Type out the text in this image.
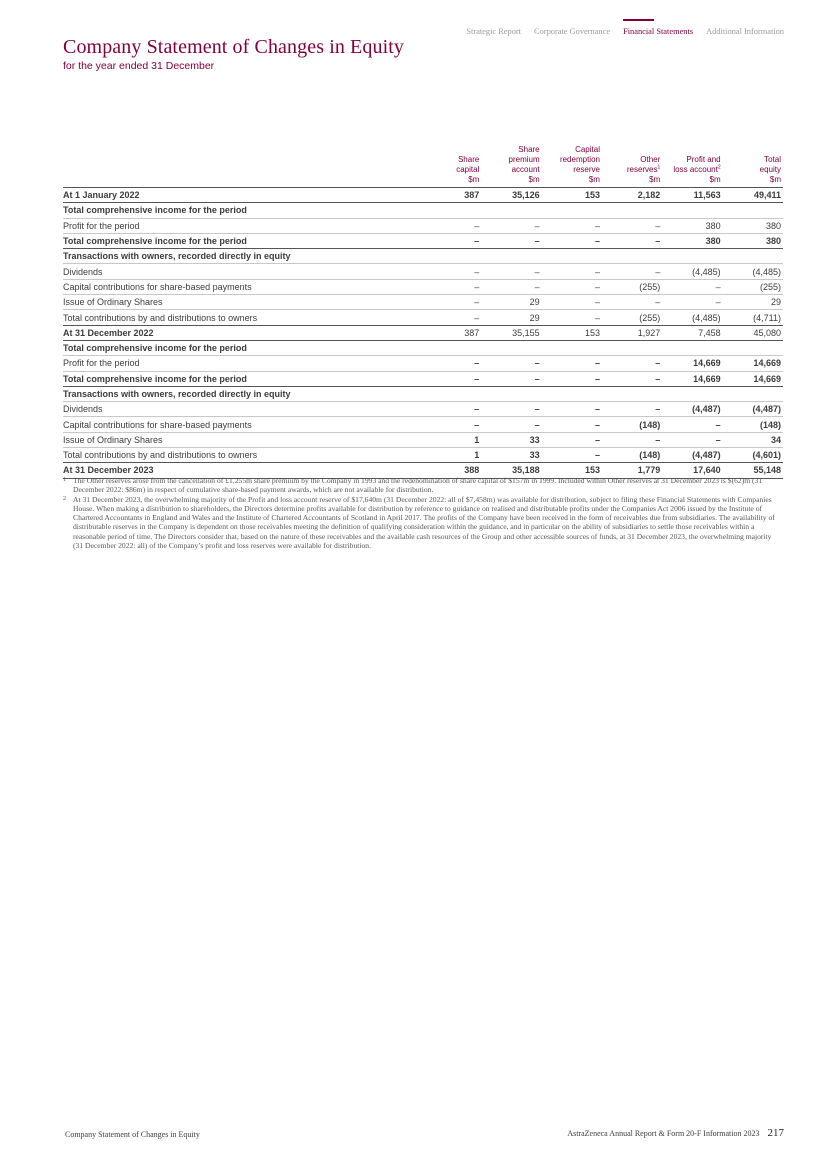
Strategic Report Corporate Governance Financial Statements Additional Information
Company Statement of Changes in Equity

for the year ended 31 December

Share
capital
$m	Share
premium
account
$m	Capital
redemption
reserve
$m	Other
reserves$^1$
$m	Profit and
loss account$^2$
$m	Total
equity
$m
At 1 January 2022	387	35,126	153	2,182	11,563	49,411
Total comprehensive income for the period						
Profit for the period	–	–	–	–	380	380
Total comprehensive income for the period	–	–	–	–	380	380
Transactions with owners, recorded directly in equity						
Dividends	–	–	–	–	(4,485)	(4,485)
Capital contributions for share-based payments	–	–	–	(255)	–	(255)
Issue of Ordinary Shares	–	29	–	–	–	29
Total contributions by and distributions to owners	–	29	–	(255)	(4,485)	(4,711)
At 31 December 2022	387	35,155	153	1,927	7,458	45,080
Total comprehensive income for the period						
Profit for the period	–	–	–	–	14,669	14,669
Total comprehensive income for the period	–	–	–	–	14,669	14,669
Transactions with owners, recorded directly in equity						
Dividends	–	–	–	–	(4,487)	(4,487)
Capital contributions for share-based payments	–	–	–	(148)	–	(148)
Issue of Ordinary Shares	1	33	–	–	–	34
Total contributions by and distributions to owners	1	33	–	(148)	(4,487)	(4,601)
At 31 December 2023	388	35,188	153	1,779	17,640	55,148
1 The Other reserves arose from the cancellation of £1,255m share premium by the Company in 1993 and the redenomination of share capital of $157m in 1999. Included within Other reserves at 31 December 2023 is $(62)m (31 December 2022: $86m) in respect of cumulative share-based payment awards, which are not available for distribution.
2 At 31 December 2023, the overwhelming majority of the Profit and loss account reserve of $17,640m (31 December 2022: all of $7,458m) was available for distribution, subject to filing these Financial Statements with Companies House. When making a distribution to shareholders, the Directors determine profits available for distribution by reference to guidance on realised and distributable profits under the Companies Act 2006 issued by the Institute of Chartered Accountants in England and Wales and the Institute of Chartered Accountants of Scotland in April 2017. The profits of the Company have been received in the form of receivables due from subsidiaries. The availability of distributable reserves in the Company is dependent on those receivables meeting the definition of qualifying consideration within the guidance, and in particular on the ability of subsidiaries to settle those receivables within a reasonable period of time. The Directors consider that, based on the nature of these receivables and the available cash resources of the Group and other accessible sources of funds, at 31 December 2023, the overwhelming majority (31 December 2022: all) of the Company’s profit and loss reserves were available for distribution.
Company Statement of Changes in Equity	AstraZeneca Annual Report & Form 20-F Information 2023 217
